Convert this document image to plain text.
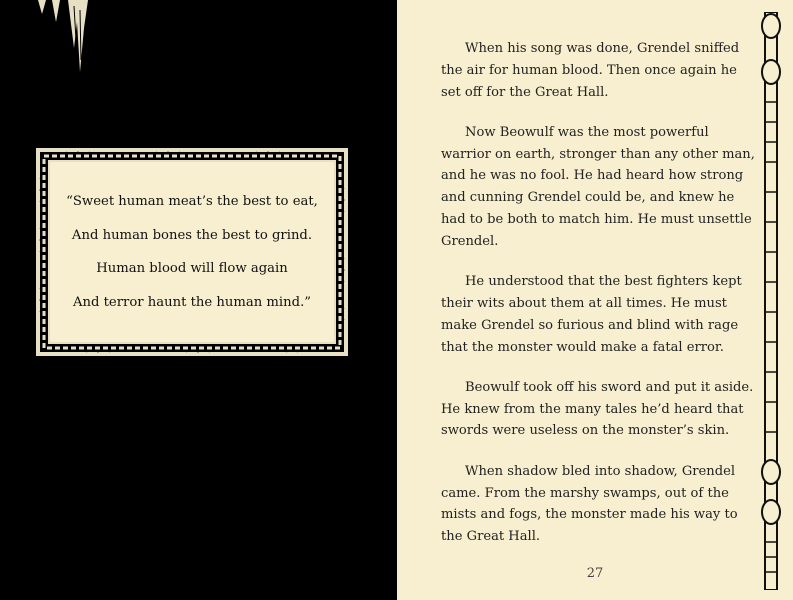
“Sweet human meat’s the best to eat,
And human bones the best to grind.
Human blood will flow again
And terror haunt the human mind.”

When his song was done, Grendel sniffed the air for human blood. Then once again he set off for the Great Hall.

Now Beowulf was the most powerful warrior on earth, stronger than any other man, and he was no fool. He had heard how strong and cunning Grendel could be, and knew he had to be both to match him. He must unsettle Grendel.

He understood that the best fighters kept their wits about them at all times. He must make Grendel so furious and blind with rage that the monster would make a fatal error.

Beowulf took off his sword and put it aside. He knew from the many tales he’d heard that swords were useless on the monster’s skin.

When shadow bled into shadow, Grendel came. From the marshy swamps, out of the mists and fogs, the monster made his way to the Great Hall.

27
